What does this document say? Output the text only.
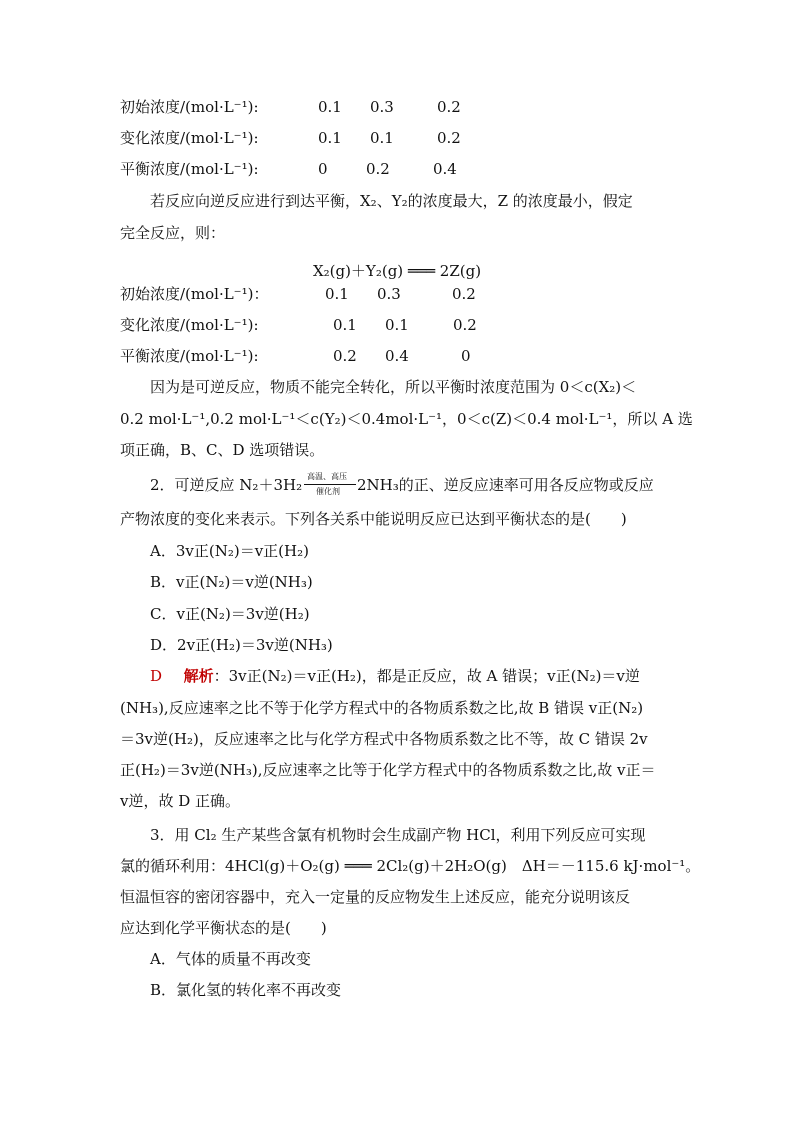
初始浓度/(mol·L⁻¹):	0.1 0.3	0.2
变化浓度/(mol·L⁻¹):	0.1 0.1	0.2
平衡浓度/(mol·L⁻¹):	0	0.2	0.4
若反应向逆反应进行到达平衡，X₂、Y₂的浓度最大，Z 的浓度最小，假定
完全反应，则：
X₂(g)＋Y₂(g) ═══ 2Z(g)
初始浓度/(mol·L⁻¹)：	0.1 0.3	0.2
变化浓度/(mol·L⁻¹):	0.1 0.1	0.2
平衡浓度/(mol·L⁻¹):	0.2 0.4	0
因为是可逆反应，物质不能完全转化，所以平衡时浓度范围为 0＜c(X₂)＜
0.2 mol·L⁻¹,0.2 mol·L⁻¹＜c(Y₂)＜0.4mol·L⁻¹，0＜c(Z)＜0.4 mol·L⁻¹，所以 A 选
项正确，B、C、D 选项错误。
2．可逆反应 N₂＋3H₂ 高温、高压
催化剂 2NH₃的正、逆反应速率可用各反应物或反应
产物浓度的变化来表示。下列各关系中能说明反应已达到平衡状态的是(　　)
A．3v正(N₂)＝v正(H₂)
B．v正(N₂)＝v逆(NH₃)
C．v正(N₂)＝3v逆(H₂)
D．2v正(H₂)＝3v逆(NH₃)
D 解析：3v正(N₂)＝v正(H₂)，都是正反应，故 A 错误；v正(N₂)＝v逆
(NH₃),反应速率之比不等于化学方程式中的各物质系数之比,故 B 错误 v正(N₂)
＝3v逆(H₂)，反应速率之比与化学方程式中各物质系数之比不等，故 C 错误 2v
正(H₂)＝3v逆(NH₃),反应速率之比等于化学方程式中的各物质系数之比,故 v正＝
v逆，故 D 正确。
3．用 Cl₂ 生产某些含氯有机物时会生成副产物 HCl，利用下列反应可实现
氯的循环利用：4HCl(g)＋O₂(g) ═══ 2Cl₂(g)＋2H₂O(g)　ΔH＝－115.6 kJ·mol⁻¹。
恒温恒容的密闭容器中，充入一定量的反应物发生上述反应，能充分说明该反
应达到化学平衡状态的是(　　)
A．气体的质量不再改变
B．氯化氢的转化率不再改变
